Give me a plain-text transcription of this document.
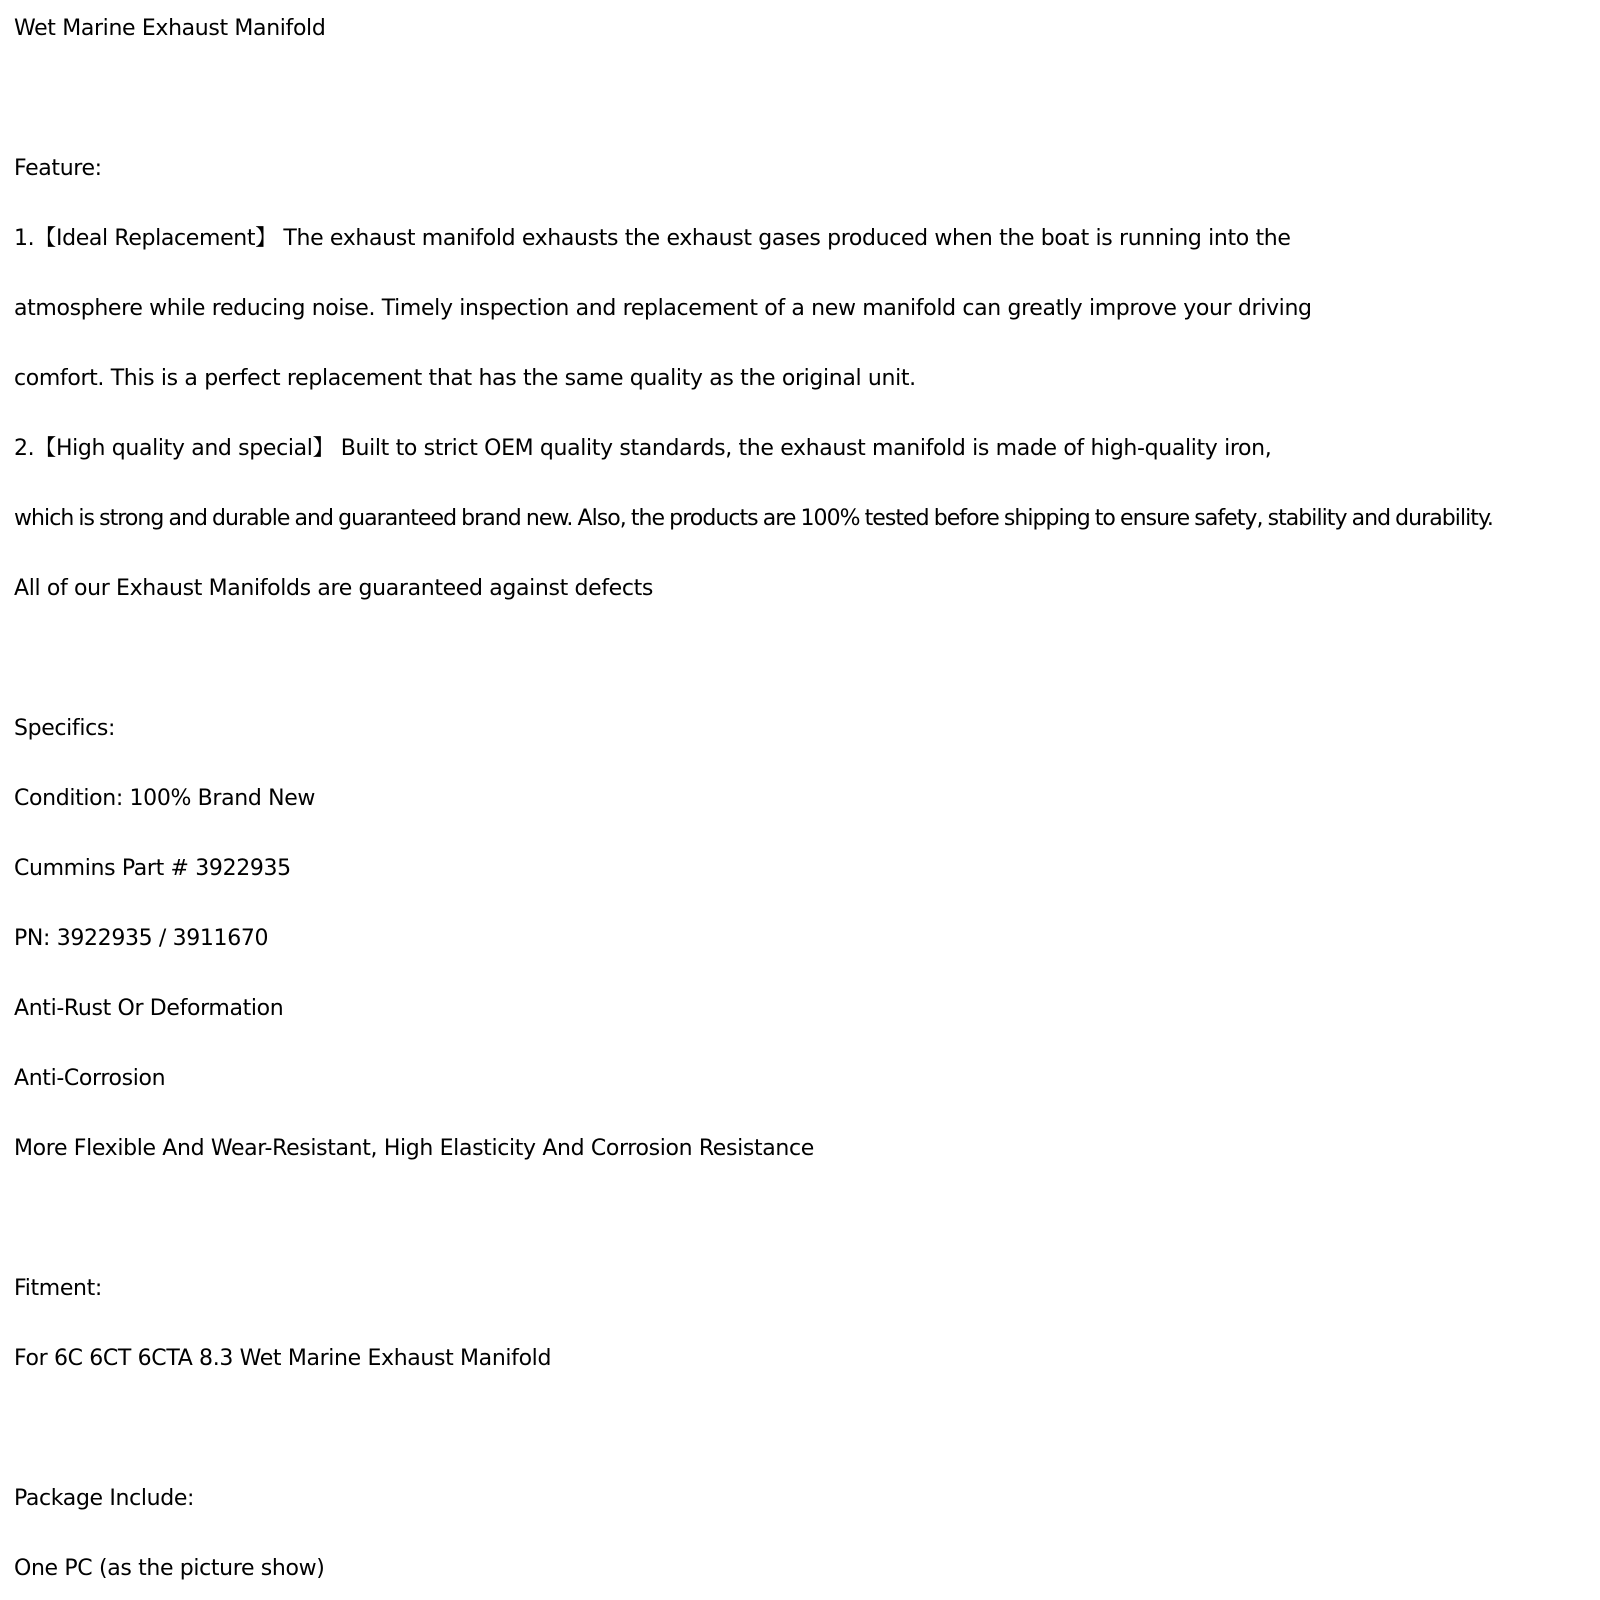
Wet Marine Exhaust Manifold
Feature:
1.【Ideal Replacement】 The exhaust manifold exhausts the exhaust gases produced when the boat is running into the
atmosphere while reducing noise. Timely inspection and replacement of a new manifold can greatly improve your driving
comfort. This is a perfect replacement that has the same quality as the original unit.
2.【High quality and special】 Built to strict OEM quality standards, the exhaust manifold is made of high-quality iron,
which is strong and durable and guaranteed brand new. Also, the products are 100% tested before shipping to ensure safety, stability and durability.
All of our Exhaust Manifolds are guaranteed against defects
Specifics:
Condition: 100% Brand New
Cummins Part # 3922935
PN: 3922935 / 3911670
Anti-Rust Or Deformation
Anti-Corrosion
More Flexible And Wear-Resistant, High Elasticity And Corrosion Resistance
Fitment:
For 6C 6CT 6CTA 8.3 Wet Marine Exhaust Manifold
Package Include:
One PC (as the picture show)
